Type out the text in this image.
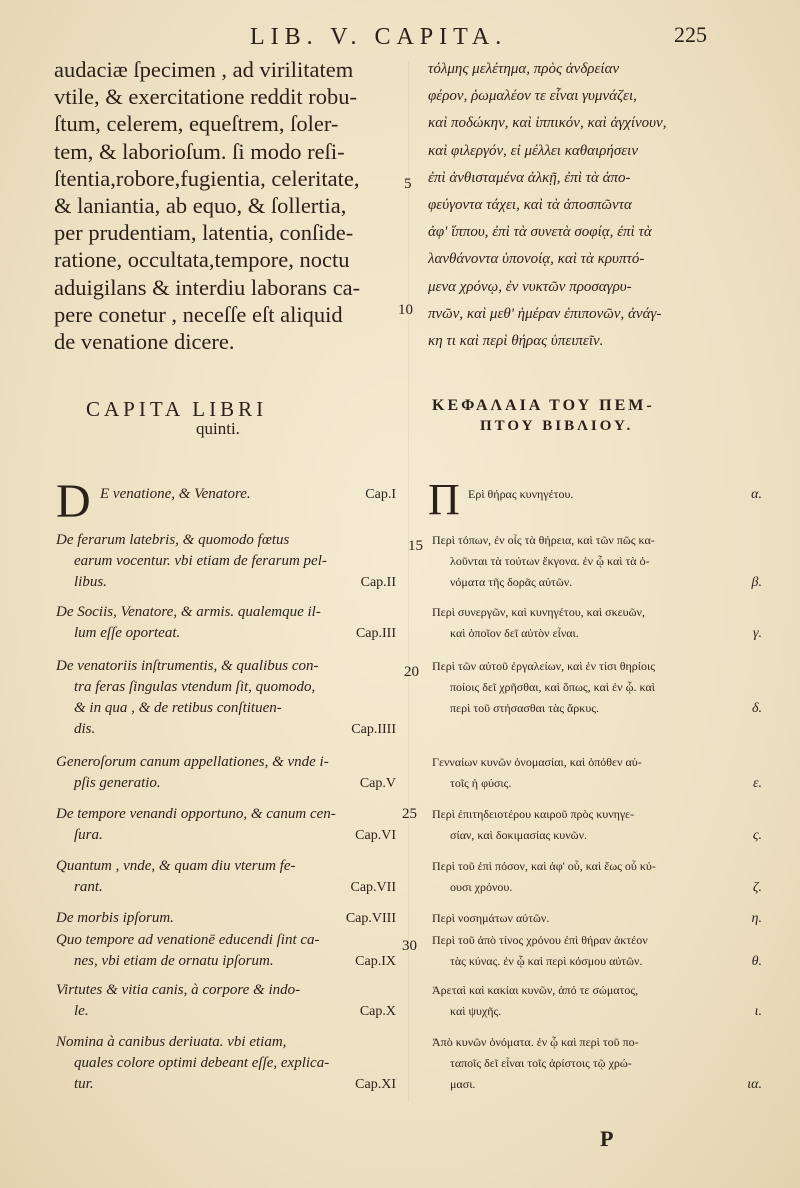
LIB. V. CAPITA.	225
audaciæ ſpecimen , ad virilitatem
vtile, & exercitatione reddit robu-
ſtum, celerem, equeſtrem, ſoler-
tem, & laborioſum. ſi modo reſi-
ſtentia,robore,fugientia, celeritate,
& laniantia, ab equo, & ſollertia,
per prudentiam, latentia, conſide-
ratione, occultata,tempore, noctu
aduigilans & interdiu laborans ca-
pere conetur , neceſſe eſt aliquid
de venatione dicere.
τόλμης μελέτημα, πρὸς ἀνδρείαν
φέρον, ῥωμαλέον τε εἶναι γυμνάζει,
καὶ ποδώκην, καὶ ἱππικόν, καὶ ἀγχίνουν,
καὶ φιλεργόν, εἰ μέλλει καθαιρήσειν
ἐπὶ ἀνθισταμένα ἀλκῇ, ἐπὶ τὰ ἀπο-
φεύγοντα τάχει, καὶ τὰ ἀποσπῶντα
ἀφ' ἵππου, ἐπὶ τὰ συνετὰ σοφίᾳ, ἐπὶ τὰ
λανθάνοντα ὑπονοίᾳ, καὶ τὰ κρυπτό-
μενα χρόνῳ, ἐν νυκτῶν προσαγρυ-
πνῶν, καὶ μεθ' ἡμέραν ἐπιπονῶν, ἀνάγ-
κη τι καὶ περὶ θήρας ὑπειπεῖν.
5
10
15
20
25
30
CAPITA LIBRI
quinti.
ΚΕΦΑΛΑΙΑ ΤΟΥ ΠΕΜ-
ΠΤΟΥ ΒΙΒΛΙΟΥ.
D	Π
E venatione, & Venatore.	Cap.I
De ferarum latebris, & quomodo fœtus
earum vocentur. vbi etiam de ferarum pel-
libus.	Cap.II
De Sociis, Venatore, & armis. qualemque il-
lum eſſe oporteat.	Cap.III
De venatoriis inſtrumentis, & qualibus con-
tra feras ſingulas vtendum ſit, quomodo,
& in qua , & de retibus conſtituen-
dis.	Cap.IIII
Generoſorum canum appellationes, & vnde i-
pſis generatio.	Cap.V
De tempore venandi opportuno, & canum cen-
ſura.	Cap.VI
Quantum , vnde, & quam diu vterum fe-
rant.	Cap.VII
De morbis ipſorum.	Cap.VIII
Quo tempore ad venationē educendi ſint ca-
nes, vbi etiam de ornatu ipſorum.	Cap.IX
Virtutes & vitia canis, à corpore & indo-
le.	Cap.X
Nomina à canibus deriuata. vbi etiam,
quales colore optimi debeant eſſe, explica-
tur.	Cap.XI
Ερὶ θήρας κυνηγέτου.	α.
Περὶ τόπων, ἐν οἷς τὰ θήρεια, καὶ τῶν πῶς κα-
λοῦνται τὰ τούτων ἔκγονα. ἐν ᾧ καὶ τὰ ὀ-
νόματα τῆς δορᾶς αὐτῶν.	β.
Περὶ συνεργῶν, καὶ κυνηγέτου, καὶ σκευῶν,
καὶ ὁποῖον δεῖ αὐτὸν εἶναι.	γ.
Περὶ τῶν αὐτοῦ ἐργαλείων, καὶ ἐν τίσι θηρίοις
ποίοις δεῖ χρῆσθαι, καὶ ὅπως, καὶ ἐν ᾧ. καὶ
περὶ τοῦ στήσασθαι τὰς ἄρκυς.	δ.
Γενναίων κυνῶν ὀνομασίαι, καὶ ὁπόθεν αὐ-
τοῖς ἡ φύσις.	ε.
Περὶ ἐπιτηδειοτέρου καιροῦ πρὸς κυνηγε-
σίαν, καὶ δοκιμασίας κυνῶν.	ς.
Περὶ τοῦ ἐπὶ πόσον, καὶ ἀφ' οὗ, καὶ ἕως οὗ κύ-
ουσι χρόνου.	ζ.
Περὶ νοσημάτων αὐτῶν.	η.
Περὶ τοῦ ἀπὸ τίνος χρόνου ἐπὶ θήραν ἀκτέον
τὰς κύνας. ἐν ᾧ καὶ περὶ κόσμου αὐτῶν.	θ.
Ἀρεταὶ καὶ κακίαι κυνῶν, ἀπό τε σώματος,
καὶ ψυχῆς.	ι.
Ἀπὸ κυνῶν ὀνόματα. ἐν ᾧ καὶ περὶ τοῦ πο-
ταποῖς δεῖ εἶναι τοῖς ἀρίστοις τῷ χρώ-
μασι.	ια.
P
